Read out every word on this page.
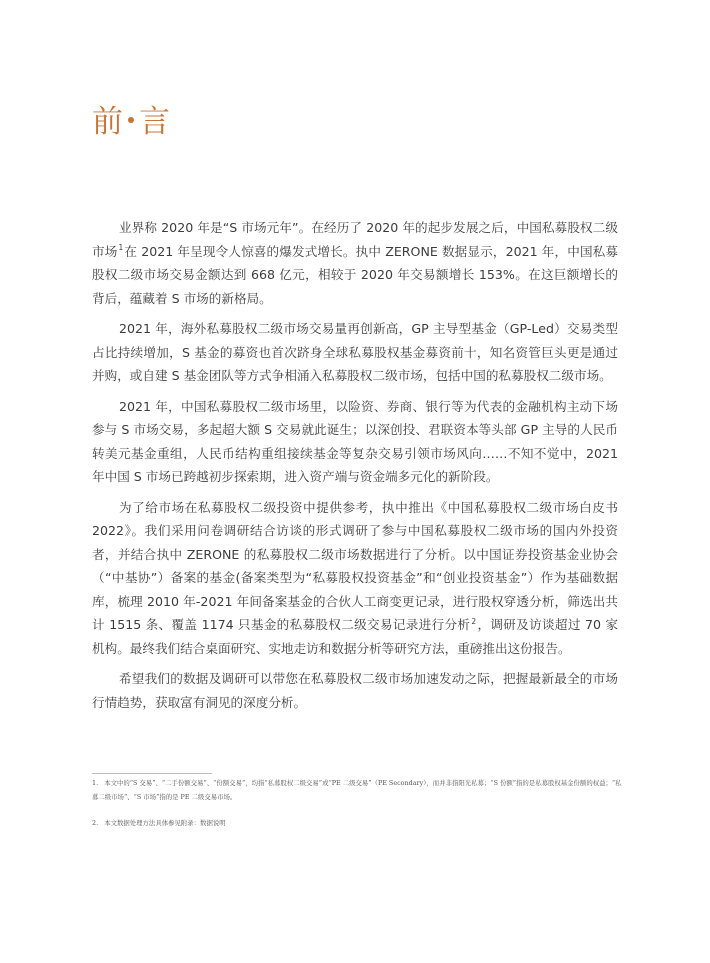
前 言

业界称 2020 年是“S 市场元年”。在经历了 2020 年的起步发展之后，中国私募股权二级市场$^1$在 2021 年呈现令人惊喜的爆发式增长。执中 ZERONE 数据显示，2021 年，中国私募股权二级市场交易金额达到 668 亿元，相较于 2020 年交易额增长 153%。在这巨额增长的背后，蕴藏着 S 市场的新格局。

2021 年，海外私募股权二级市场交易量再创新高，GP 主导型基金（GP-Led）交易类型占比持续增加，S 基金的募资也首次跻身全球私募股权基金募资前十，知名资管巨头更是通过并购，或自建 S 基金团队等方式争相涌入私募股权二级市场，包括中国的私募股权二级市场。

2021 年，中国私募股权二级市场里，以险资、券商、银行等为代表的金融机构主动下场参与 S 市场交易，多起超大额 S 交易就此诞生；以深创投、君联资本等头部 GP 主导的人民币转美元基金重组，人民币结构重组接续基金等复杂交易引领市场风向……不知不觉中，2021 年中国 S 市场已跨越初步探索期，进入资产端与资金端多元化的新阶段。

为了给市场在私募股权二级投资中提供参考，执中推出《中国私募股权二级市场白皮书 2022》。我们采用问卷调研结合访谈的形式调研了参与中国私募股权二级市场的国内外投资者，并结合执中 ZERONE 的私募股权二级市场数据进行了分析。以中国证券投资基金业协会（“中基协”）备案的基金(备案类型为“私募股权投资基金”和“创业投资基金”）作为基础数据库，梳理 2010 年-2021 年间备案基金的合伙人工商变更记录，进行股权穿透分析，筛选出共计 1515 条、覆盖 1174 只基金的私募股权二级交易记录进行分析$^2$，调研及访谈超过 70 家机构。最终我们结合桌面研究、实地走访和数据分析等研究方法，重磅推出这份报告。

希望我们的数据及调研可以带您在私募股权二级市场加速发动之际，把握最新最全的市场行情趋势，获取富有洞见的深度分析。

1.   本文中的“S 交易”、“二手份额交易”、“份额交易”，均指“私募股权二级交易”或“PE 二级交易”（PE Secondary），而并非指阳光私募；“S 份额”指的是私募股权基金份额的权益；“私募二级市场”、“S 市场”指的是 PE 二级交易市场。

2.   本文数据处理方法具体参见附录：数据说明
